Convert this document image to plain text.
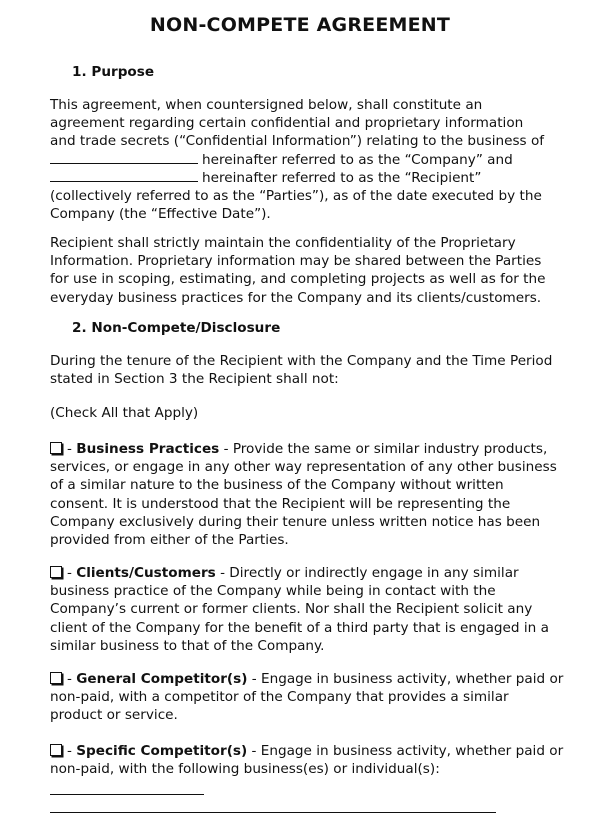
NON-COMPETE AGREEMENT
1. Purpose
This agreement, when countersigned below, shall constitute an
agreement regarding certain confidential and proprietary information
and trade secrets (“Confidential Information”) relating to the business of
hereinafter referred to as the “Company” and
hereinafter referred to as the “Recipient”
(collectively referred to as the “Parties”), as of the date executed by the
Company (the “Effective Date”).
Recipient shall strictly maintain the confidentiality of the Proprietary
Information. Proprietary information may be shared between the Parties
for use in scoping, estimating, and completing projects as well as for the
everyday business practices for the Company and its clients/customers.
2. Non-Compete/Disclosure
During the tenure of the Recipient with the Company and the Time Period
stated in Section 3 the Recipient shall not:
(Check All that Apply)
- Business Practices - Provide the same or similar industry products,
services, or engage in any other way representation of any other business
of a similar nature to the business of the Company without written
consent. It is understood that the Recipient will be representing the
Company exclusively during their tenure unless written notice has been
provided from either of the Parties.
- Clients/Customers - Directly or indirectly engage in any similar
business practice of the Company while being in contact with the
Company’s current or former clients. Nor shall the Recipient solicit any
client of the Company for the benefit of a third party that is engaged in a
similar business to that of the Company.
- General Competitor(s) - Engage in business activity, whether paid or
non-paid, with a competitor of the Company that provides a similar
product or service.
- Specific Competitor(s) - Engage in business activity, whether paid or
non-paid, with the following business(es) or individual(s):
